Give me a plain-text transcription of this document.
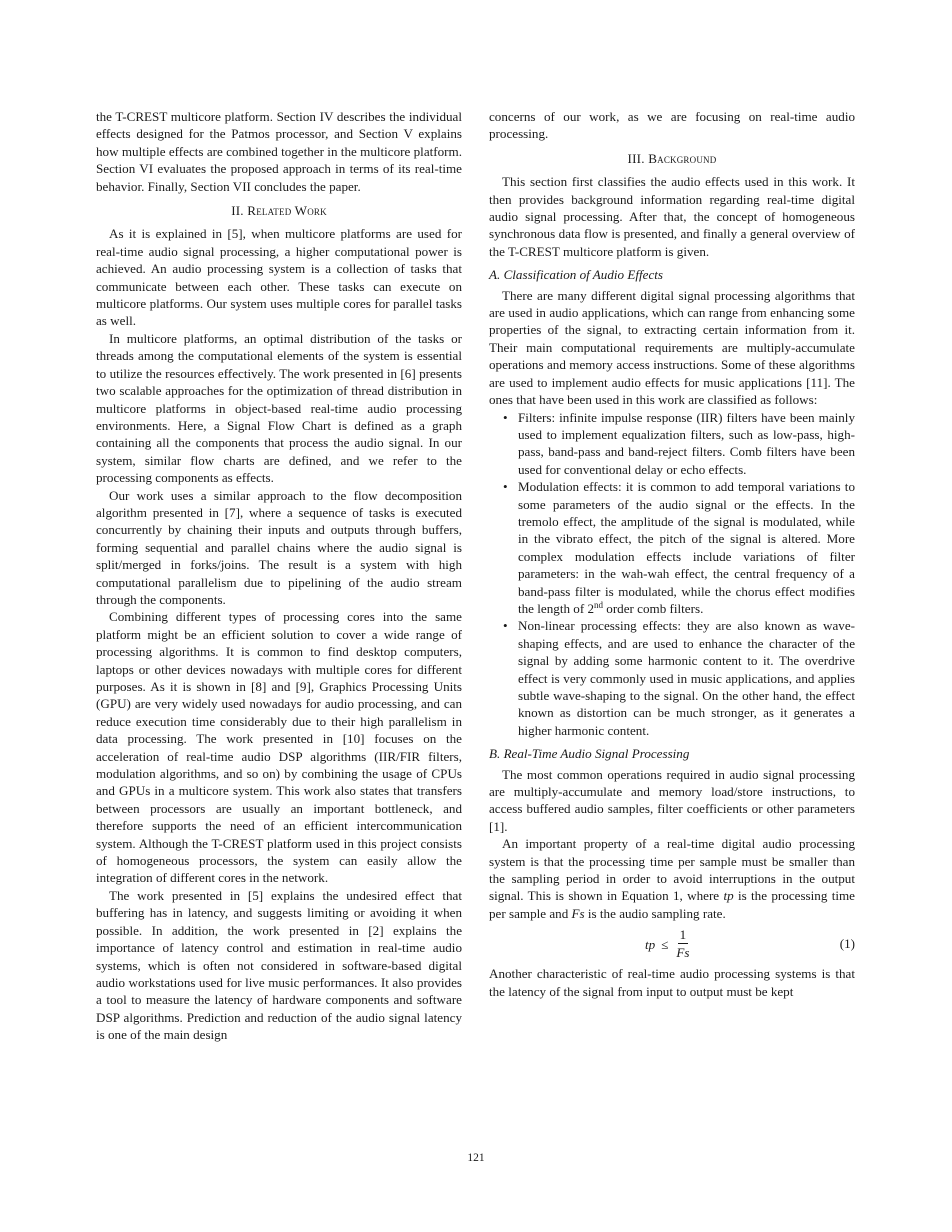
the T-CREST multicore platform. Section IV describes the individual effects designed for the Patmos processor, and Section V explains how multiple effects are combined together in the multicore platform. Section VI evaluates the proposed approach in terms of its real-time behavior. Finally, Section VII concludes the paper.

II. Related Work

As it is explained in [5], when multicore platforms are used for real-time audio signal processing, a higher computational power is achieved. An audio processing system is a collection of tasks that communicate between each other. These tasks can execute on multicore platforms. Our system uses multiple cores for parallel tasks as well.

In multicore platforms, an optimal distribution of the tasks or threads among the computational elements of the system is essential to utilize the resources effectively. The work presented in [6] presents two scalable approaches for the optimization of thread distribution in multicore platforms in object-based real-time audio processing environments. Here, a Signal Flow Chart is defined as a graph containing all the components that process the audio signal. In our system, similar flow charts are defined, and we refer to the processing components as effects.

Our work uses a similar approach to the flow decomposition algorithm presented in [7], where a sequence of tasks is executed concurrently by chaining their inputs and outputs through buffers, forming sequential and parallel chains where the audio signal is split/merged in forks/joins. The result is a system with high computational parallelism due to pipelining of the audio stream through the components.

Combining different types of processing cores into the same platform might be an efficient solution to cover a wide range of processing algorithms. It is common to find desktop computers, laptops or other devices nowadays with multiple cores for different purposes. As it is shown in [8] and [9], Graphics Processing Units (GPU) are very widely used nowadays for audio processing, and can reduce execution time considerably due to their high parallelism in data processing. The work presented in [10] focuses on the acceleration of real-time audio DSP algorithms (IIR/FIR filters, modulation algorithms, and so on) by combining the usage of CPUs and GPUs in a multicore system. This work also states that transfers between processors are usually an important bottleneck, and therefore supports the need of an efficient intercommunication system. Although the T-CREST platform used in this project consists of homogeneous processors, the system can easily allow the integration of different cores in the network.

The work presented in [5] explains the undesired effect that buffering has in latency, and suggests limiting or avoiding it when possible. In addition, the work presented in [2] explains the importance of latency control and estimation in real-time audio systems, which is often not considered in software-based digital audio workstations used for live music performances. It also provides a tool to measure the latency of hardware components and software DSP algorithms. Prediction and reduction of the audio signal latency is one of the main design

concerns of our work, as we are focusing on real-time audio processing.

III. Background

This section first classifies the audio effects used in this work. It then provides background information regarding real-time digital audio signal processing. After that, the concept of homogeneous synchronous data flow is presented, and finally a general overview of the T-CREST multicore platform is given.

A. Classification of Audio Effects

There are many different digital signal processing algorithms that are used in audio applications, which can range from enhancing some properties of the signal, to extracting certain information from it. Their main computational requirements are multiply-accumulate operations and memory access instructions. Some of these algorithms are used to implement audio effects for music applications [11]. The ones that have been used in this work are classified as follows:

• Filters: infinite impulse response (IIR) filters have been mainly used to implement equalization filters, such as low-pass, high-pass, band-pass and band-reject filters. Comb filters have been used for conventional delay or echo effects.
• Modulation effects: it is common to add temporal variations to some parameters of the audio signal or the effects. In the tremolo effect, the amplitude of the signal is modulated, while in the vibrato effect, the pitch of the signal is altered. More complex modulation effects include variations of filter parameters: in the wah-wah effect, the central frequency of a band-pass filter is modulated, while the chorus effect modifies the length of 2nd order comb filters.
• Non-linear processing effects: they are also known as wave-shaping effects, and are used to enhance the character of the signal by adding some harmonic content to it. The overdrive effect is very commonly used in music applications, and applies subtle wave-shaping to the signal. On the other hand, the effect known as distortion can be much stronger, as it generates a higher harmonic content.
B. Real-Time Audio Signal Processing

The most common operations required in audio signal processing are multiply-accumulate and memory load/store instructions, to access buffered audio samples, filter coefficients or other parameters [1].

An important property of a real-time digital audio processing system is that the processing time per sample must be smaller than the sampling period in order to avoid interruptions in the output signal. This is shown in Equation 1, where tp is the processing time per sample and Fs is the audio sampling rate.

tp ≤ $\frac{1}{Fs}$	(1)

Another characteristic of real-time audio processing systems is that the latency of the signal from input to output must be kept

121
